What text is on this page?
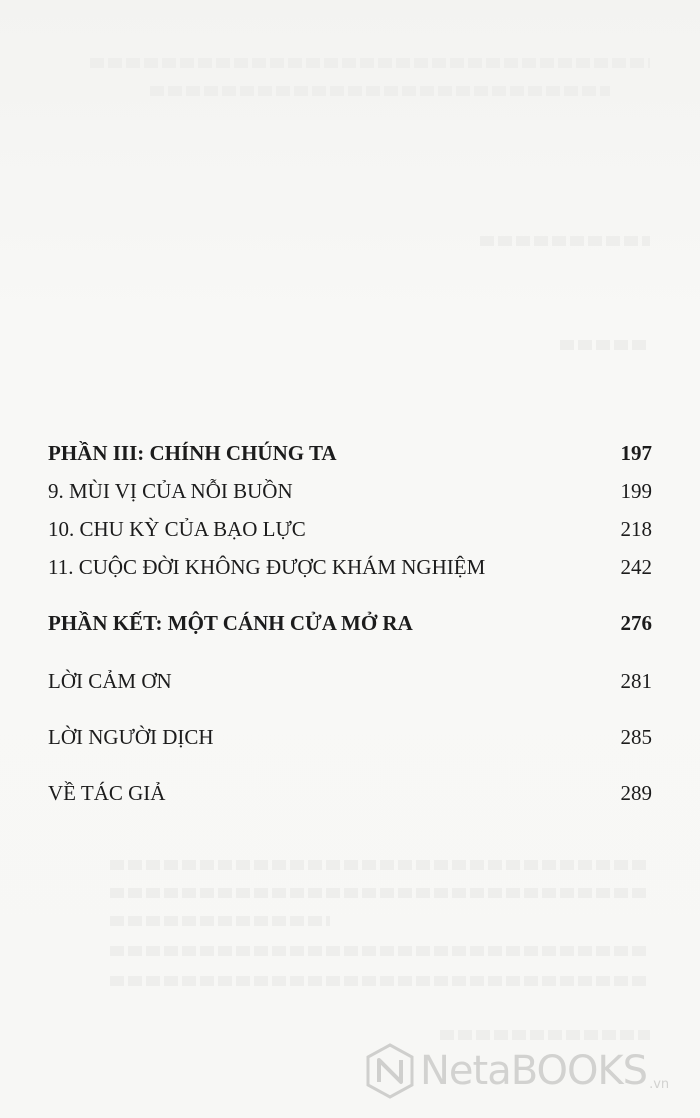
PHẦN III: CHÍNH CHÚNG TA	197
9. MÙI VỊ CỦA NỖI BUỒN	199
10. CHU KỲ CỦA BẠO LỰC	218
11. CUỘC ĐỜI KHÔNG ĐƯỢC KHÁM NGHIỆM	242
PHẦN KẾT: MỘT CÁNH CỬA MỞ RA	276
LỜI CẢM ƠN	281
LỜI NGƯỜI DỊCH	285
VỀ TÁC GIẢ	289
NetaBOOKS .vn
